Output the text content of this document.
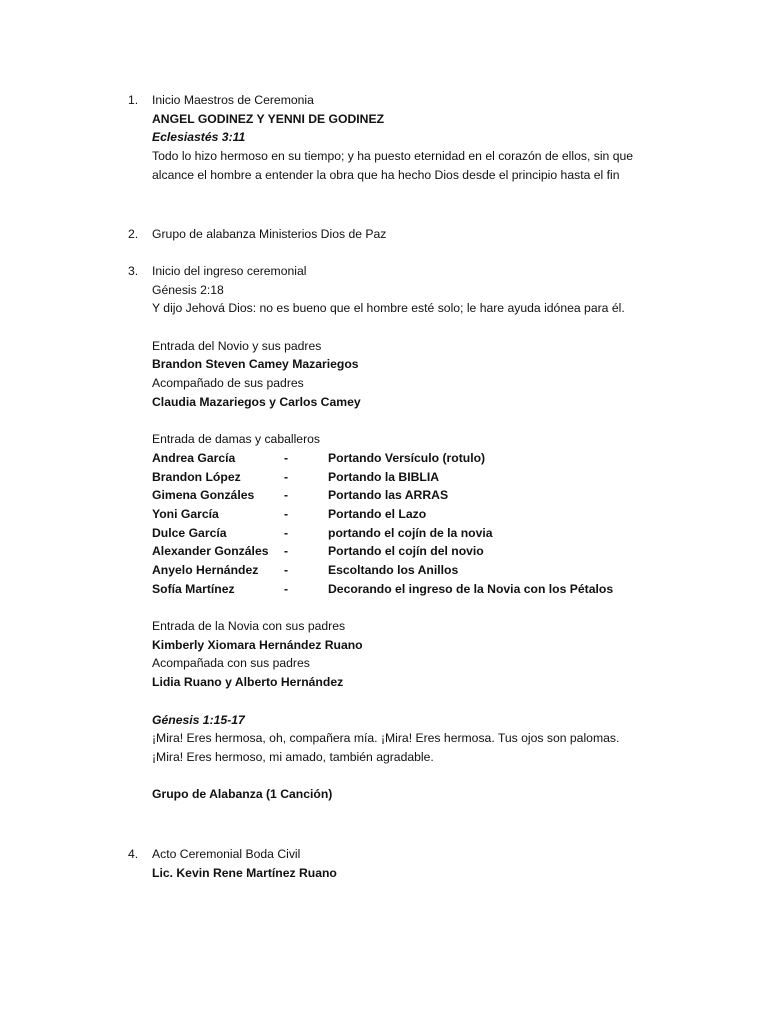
1. Inicio Maestros de Ceremonia
ANGEL GODINEZ Y YENNI DE GODINEZ
Eclesiastés 3:11
Todo lo hizo hermoso en su tiempo; y ha puesto eternidad en el corazón de ellos, sin que
alcance el hombre a entender la obra que ha hecho Dios desde el principio hasta el fin
2. Grupo de alabanza Ministerios Dios de Paz
3. Inicio del ingreso ceremonial
Génesis 2:18
Y dijo Jehová Dios: no es bueno que el hombre esté solo; le hare ayuda idónea para él.
Entrada del Novio y sus padres
Brandon Steven Camey Mazariegos
Acompañado de sus padres
Claudia Mazariegos y Carlos Camey
Entrada de damas y caballeros
Andrea García	-	Portando Versículo (rotulo)
Brandon López	-	Portando la BIBLIA
Gimena Gonzáles -	Portando las ARRAS
Yoni García	-	Portando el Lazo
Dulce García	-	portando el cojín de la novia
Alexander Gonzáles -	Portando el cojín del novio
Anyelo Hernández -	Escoltando los Anillos
Sofía Martínez	-	Decorando el ingreso de la Novia con los Pétalos
Entrada de la Novia con sus padres
Kimberly Xiomara Hernández Ruano
Acompañada con sus padres
Lidia Ruano y Alberto Hernández
Génesis 1:15-17
¡Mira! Eres hermosa, oh, compañera mía. ¡Mira! Eres hermosa. Tus ojos son palomas.
¡Mira! Eres hermoso, mi amado, también agradable.
Grupo de Alabanza (1 Canción)
4. Acto Ceremonial Boda Civil
Lic. Kevin Rene Martínez Ruano
